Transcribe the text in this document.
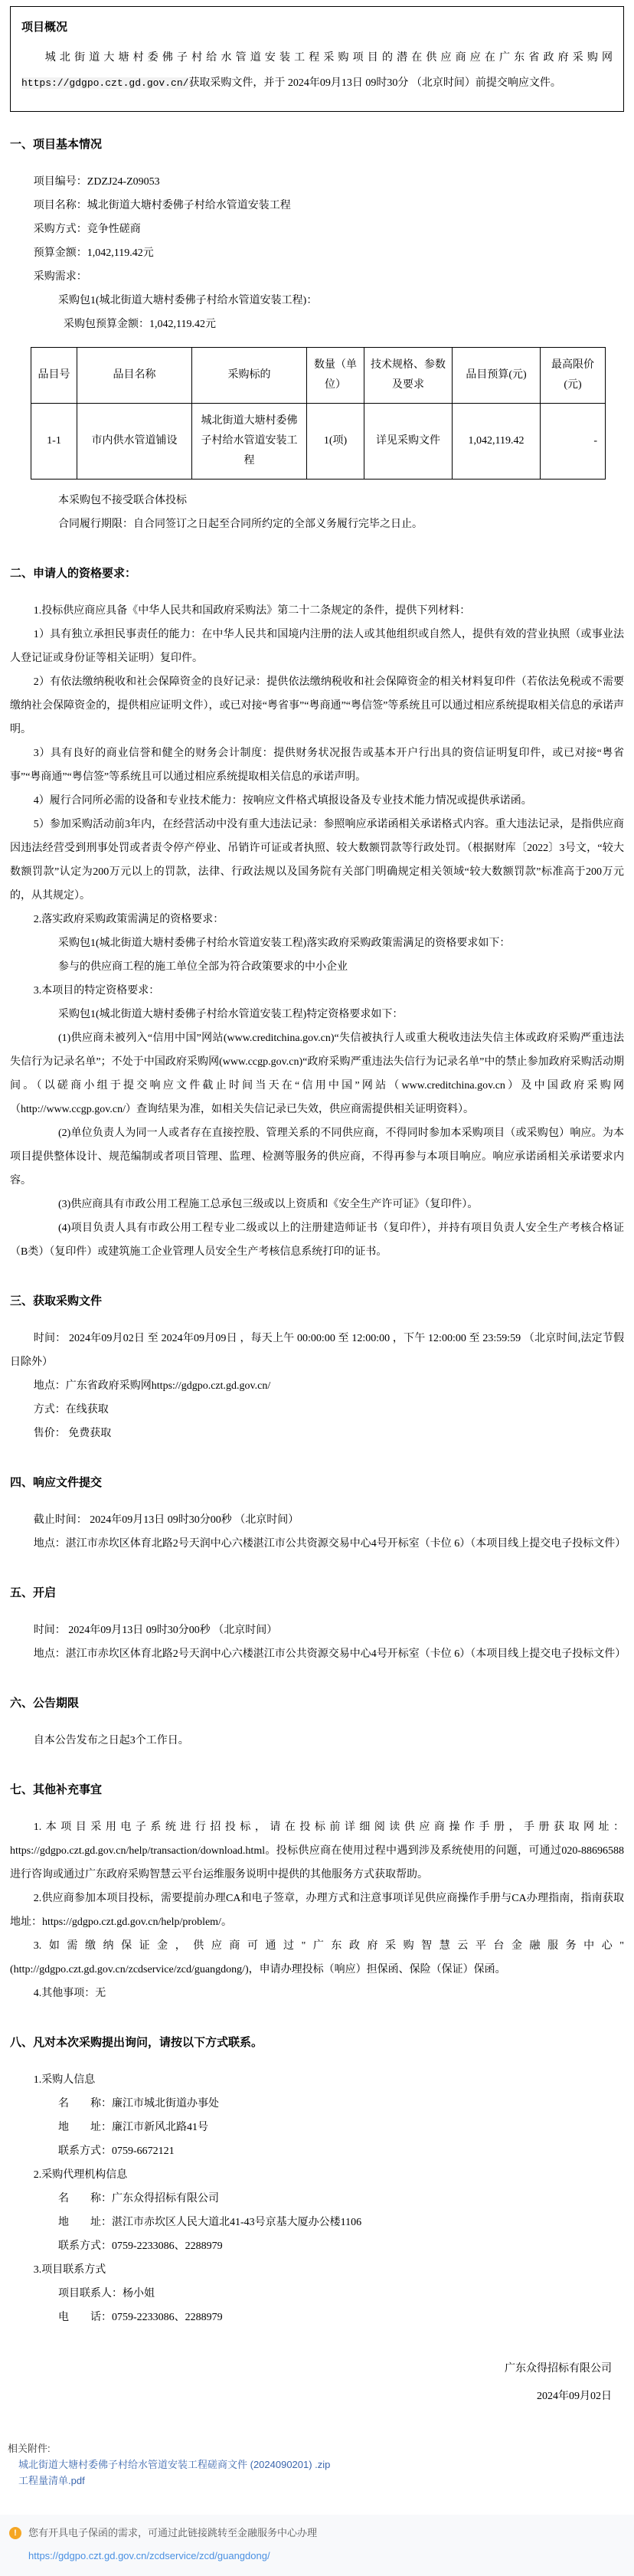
项目概况
城北街道大塘村委佛子村给水管道安装工程采购项目的潜在供应商应在广东省政府采购网https://gdgpo.czt.gd.gov.cn/获取采购文件，并于 2024年09月13日 09时30分 （北京时间）前提交响应文件。
一、项目基本情况

项目编号：ZDZJ24-Z09053

项目名称：城北街道大塘村委佛子村给水管道安装工程

采购方式：竞争性磋商

预算金额：1,042,119.42元

采购需求：

采购包1(城北街道大塘村委佛子村给水管道安装工程)：

采购包预算金额：1,042,119.42元

品目号	品目名称	采购标的	数量（单位）	技术规格、参数及要求	品目预算(元)	最高限价(元)
1-1	市内供水管道铺设	城北街道大塘村委佛子村给水管道安装工程	1(项)	详见采购文件	1,042,119.42	-

本采购包不接受联合体投标

合同履行期限：自合同签订之日起至合同所约定的全部义务履行完毕之日止。

二、申请人的资格要求：

1.投标供应商应具备《中华人民共和国政府采购法》第二十二条规定的条件，提供下列材料：

1）具有独立承担民事责任的能力：在中华人民共和国境内注册的法人或其他组织或自然人，提供有效的营业执照（或事业法人登记证或身份证等相关证明）复印件。

2）有依法缴纳税收和社会保障资金的良好记录：提供依法缴纳税收和社会保障资金的相关材料复印件（若依法免税或不需要缴纳社会保障资金的，提供相应证明文件），或已对接“粤省事”“粤商通”“粤信签”等系统且可以通过相应系统提取相关信息的承诺声明。

3）具有良好的商业信誉和健全的财务会计制度：提供财务状况报告或基本开户行出具的资信证明复印件，或已对接“粤省事”“粤商通”“粤信签”等系统且可以通过相应系统提取相关信息的承诺声明。

4）履行合同所必需的设备和专业技术能力：按响应文件格式填报设备及专业技术能力情况或提供承诺函。

5）参加采购活动前3年内，在经营活动中没有重大违法记录：参照响应承诺函相关承诺格式内容。重大违法记录，是指供应商因违法经营受到刑事处罚或者责令停产停业、吊销许可证或者执照、较大数额罚款等行政处罚。（根据财库〔2022〕3号文，“较大数额罚款”认定为200万元以上的罚款，法律、行政法规以及国务院有关部门明确规定相关领域“较大数额罚款”标准高于200万元的，从其规定）。

2.落实政府采购政策需满足的资格要求：

采购包1(城北街道大塘村委佛子村给水管道安装工程)落实政府采购政策需满足的资格要求如下：

参与的供应商工程的施工单位全部为符合政策要求的中小企业

3.本项目的特定资格要求：

采购包1(城北街道大塘村委佛子村给水管道安装工程)特定资格要求如下：

(1)供应商未被列入“信用中国”网站(www.creditchina.gov.cn)“失信被执行人或重大税收违法失信主体或政府采购严重违法失信行为记录名单”；不处于中国政府采购网(www.ccgp.gov.cn)“政府采购严重违法失信行为记录名单”中的禁止参加政府采购活动期间。（以磋商小组于提交响应文件截止时间当天在“信用中国”网站（www.creditchina.gov.cn）及中国政府采购网（http://www.ccgp.gov.cn/）查询结果为准，如相关失信记录已失效，供应商需提供相关证明资料）。

(2)单位负责人为同一人或者存在直接控股、管理关系的不同供应商，不得同时参加本采购项目（或采购包）响应。为本项目提供整体设计、规范编制或者项目管理、监理、检测等服务的供应商，不得再参与本项目响应。响应承诺函相关承诺要求内容。

(3)供应商具有市政公用工程施工总承包三级或以上资质和《安全生产许可证》（复印件）。

(4)项目负责人具有市政公用工程专业二级或以上的注册建造师证书（复印件），并持有项目负责人安全生产考核合格证（B类）（复印件）或建筑施工企业管理人员安全生产考核信息系统打印的证书。

三、获取采购文件

时间： 2024年09月02日 至 2024年09月09日 ，每天上午 00:00:00 至 12:00:00 ，下午 12:00:00 至 23:59:59 （北京时间,法定节假日除外）

地点：广东省政府采购网https://gdgpo.czt.gd.gov.cn/

方式：在线获取

售价： 免费获取

四、响应文件提交

截止时间： 2024年09月13日 09时30分00秒 （北京时间）

地点：湛江市赤坎区体育北路2号天润中心六楼湛江市公共资源交易中心4号开标室（卡位 6）（本项目线上提交电子投标文件）

五、开启

时间： 2024年09月13日 09时30分00秒 （北京时间）

地点：湛江市赤坎区体育北路2号天润中心六楼湛江市公共资源交易中心4号开标室（卡位 6）（本项目线上提交电子投标文件）

六、公告期限

自本公告发布之日起3个工作日。

七、其他补充事宜

1.本项目采用电子系统进行招投标，请在投标前详细阅读供应商操作手册，手册获取网址：https://gdgpo.czt.gd.gov.cn/help/transaction/download.html。投标供应商在使用过程中遇到涉及系统使用的问题，可通过020-88696588进行咨询或通过广东政府采购智慧云平台运维服务说明中提供的其他服务方式获取帮助。

2.供应商参加本项目投标，需要提前办理CA和电子签章，办理方式和注意事项详见供应商操作手册与CA办理指南，指南获取地址：https://gdgpo.czt.gd.gov.cn/help/problem/。

3.如需缴纳保证金，供应商可通过"广东政府采购智慧云平台金融服务中心"(http://gdgpo.czt.gd.gov.cn/zcdservice/zcd/guangdong/)，申请办理投标（响应）担保函、保险（保证）保函。

4.其他事项：无

八、凡对本次采购提出询问，请按以下方式联系。

1.采购人信息

名　　称：廉江市城北街道办事处

地　　址：廉江市新风北路41号

联系方式：0759-6672121

2.采购代理机构信息

名　　称：广东众得招标有限公司

地　　址：湛江市赤坎区人民大道北41-43号京基大厦办公楼1106

联系方式：0759-2233086、2288979

3.项目联系方式

项目联系人：杨小姐

电　　话：0759-2233086、2288979

广东众得招标有限公司
2024年09月02日
相关附件:
城北街道大塘村委佛子村给水管道安装工程磋商文件 (2024090201) .zip
工程量清单.pdf
!	您有开具电子保函的需求，可通过此链接跳转至金融服务中心办理
https://gdgpo.czt.gd.gov.cn/zcdservice/zcd/guangdong/
